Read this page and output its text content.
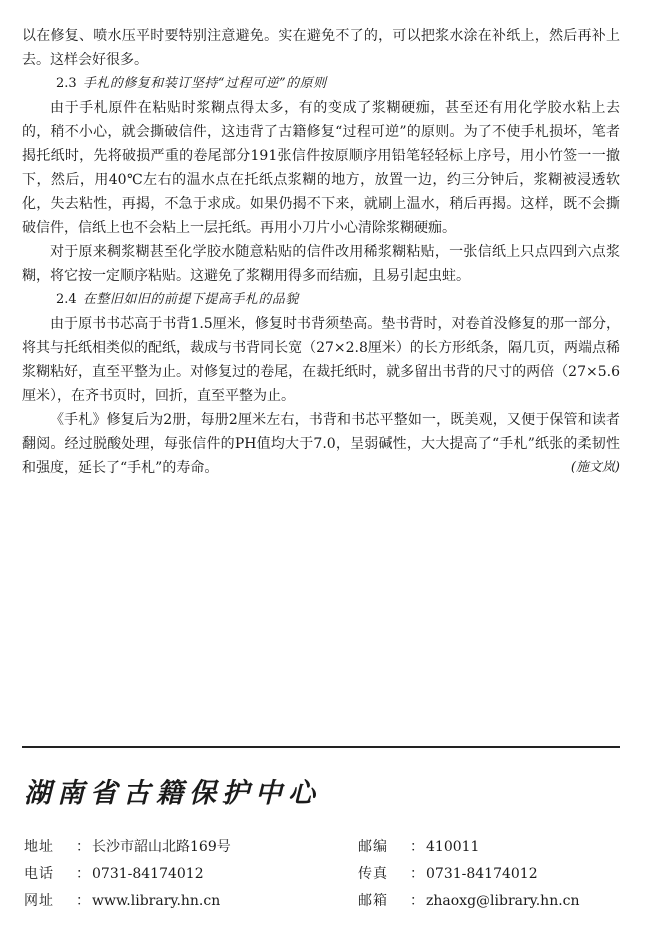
以在修复、喷水压平时要特别注意避免。实在避免不了的，可以把浆水涂在补纸上，然后再补上去。这样会好很多。

2.3 手札的修复和装订坚持“过程可逆”的原则

由于手札原件在粘贴时浆糊点得太多，有的变成了浆糊硬痂，甚至还有用化学胶水粘上去的，稍不小心，就会撕破信件，这违背了古籍修复“过程可逆”的原则。为了不使手札损坏，笔者揭托纸时，先将破损严重的卷尾部分191张信件按原顺序用铅笔轻轻标上序号，用小竹签一一撤下，然后，用40℃左右的温水点在托纸点浆糊的地方，放置一边，约三分钟后，浆糊被浸透软化，失去粘性，再揭，不急于求成。如果仍揭不下来，就刷上温水，稍后再揭。这样，既不会撕破信件，信纸上也不会粘上一层托纸。再用小刀片小心清除浆糊硬痂。

对于原来稠浆糊甚至化学胶水随意粘贴的信件改用稀浆糊粘贴，一张信纸上只点四到六点浆糊，将它按一定顺序粘贴。这避免了浆糊用得多而结痂，且易引起虫蛀。

2.4 在整旧如旧的前提下提高手札的品貌

由于原书书芯高于书背1.5厘米，修复时书背须垫高。垫书背时，对卷首没修复的那一部分，将其与托纸相类似的配纸，裁成与书背同长宽（27×2.8厘米）的长方形纸条，隔几页，两端点稀浆糊粘好，直至平整为止。对修复过的卷尾，在裁托纸时，就多留出书背的尺寸的两倍（27×5.6厘米），在齐书页时，回折，直至平整为止。

《手札》修复后为2册，每册2厘米左右，书背和书芯平整如一，既美观，又便于保管和读者翻阅。经过脱酸处理，每张信件的PH值均大于7.0，呈弱碱性，大大提高了“手札”纸张的柔韧性和强度，延长了“手札”的寿命。	(施文岚)

湖南省古籍保护中心
地址 ： 长沙市韶山北路169号
电话 ： 0731-84174012
网址 ： www.library.hn.cn
邮编 ： 410011
传真 ： 0731-84174012
邮箱 ： zhaoxg@library.hn.cn
